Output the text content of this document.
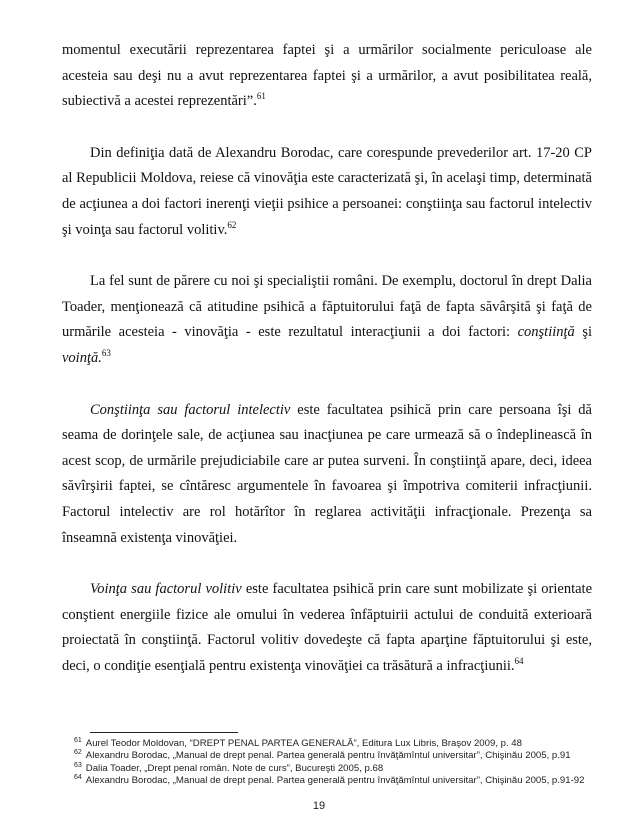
momentul executării reprezentarea faptei şi a urmărilor socialmente periculoase ale acesteia sau deşi nu a avut reprezentarea faptei şi a urmărilor, a avut posibilitatea reală, subiectivă a acestei reprezentări”.$^{61}$

Din definiţia dată de Alexandru Borodac, care corespunde prevederilor art. 17-20 CP al Republicii Moldova, reiese că vinovăţia este caracterizată şi, în acelaşi timp, determinată de acţiunea a doi factori inerenţi vieţii psihice a persoanei: conştiinţa sau factorul intelectiv şi voinţa sau factorul volitiv.$^{62}$

La fel sunt de părere cu noi şi specialiştii români. De exemplu, doctorul în drept Dalia Toader, menţionează că atitudine psihică a făptuitorului faţă de fapta săvârşită şi faţă de urmările acesteia - vinovăţia - este rezultatul interacţiunii a doi factori: conştiinţă şi voinţă.$^{63}$

Conştiinţa sau factorul intelectiv este facultatea psihică prin care persoana îşi dă seama de dorinţele sale, de acţiunea sau inacţiunea pe care urmează să o îndeplinească în acest scop, de urmările prejudiciabile care ar putea surveni. În conştiinţă apare, deci, ideea săvîrşirii faptei, se cîntăresc argumentele în favoarea şi împotriva comiterii infracţiunii. Factorul intelectiv are rol hotărîtor în reglarea activităţii infracţionale. Prezenţa sa înseamnă existenţa vinovăţiei.

Voinţa sau factorul volitiv este facultatea psihică prin care sunt mobilizate şi orientate conştient energiile fizice ale omului în vederea înfăptuirii actului de conduită exterioară proiectată în conştiinţă. Factorul volitiv dovedeşte că fapta aparţine făptuitorului şi este, deci, o condiţie esenţială pentru existenţa vinovăţiei ca trăsătură a infracţiunii.$^{64}$

$^{61}$ Aurel Teodor Moldovan, “DREPT PENAL PARTEA GENERALĂ”, Editura Lux Libris, Braşov 2009, p. 48
$^{62}$ Alexandru Borodac, „Manual de drept penal. Partea generală pentru învăţămîntul universitar”, Chişinău 2005, p.91
$^{63}$ Dalia Toader, „Drept penal român. Note de curs”, Bucureşti 2005, p.68
$^{64}$ Alexandru Borodac, „Manual de drept penal. Partea generală pentru învăţămîntul universitar”, Chişinău 2005, p.91-92
19
